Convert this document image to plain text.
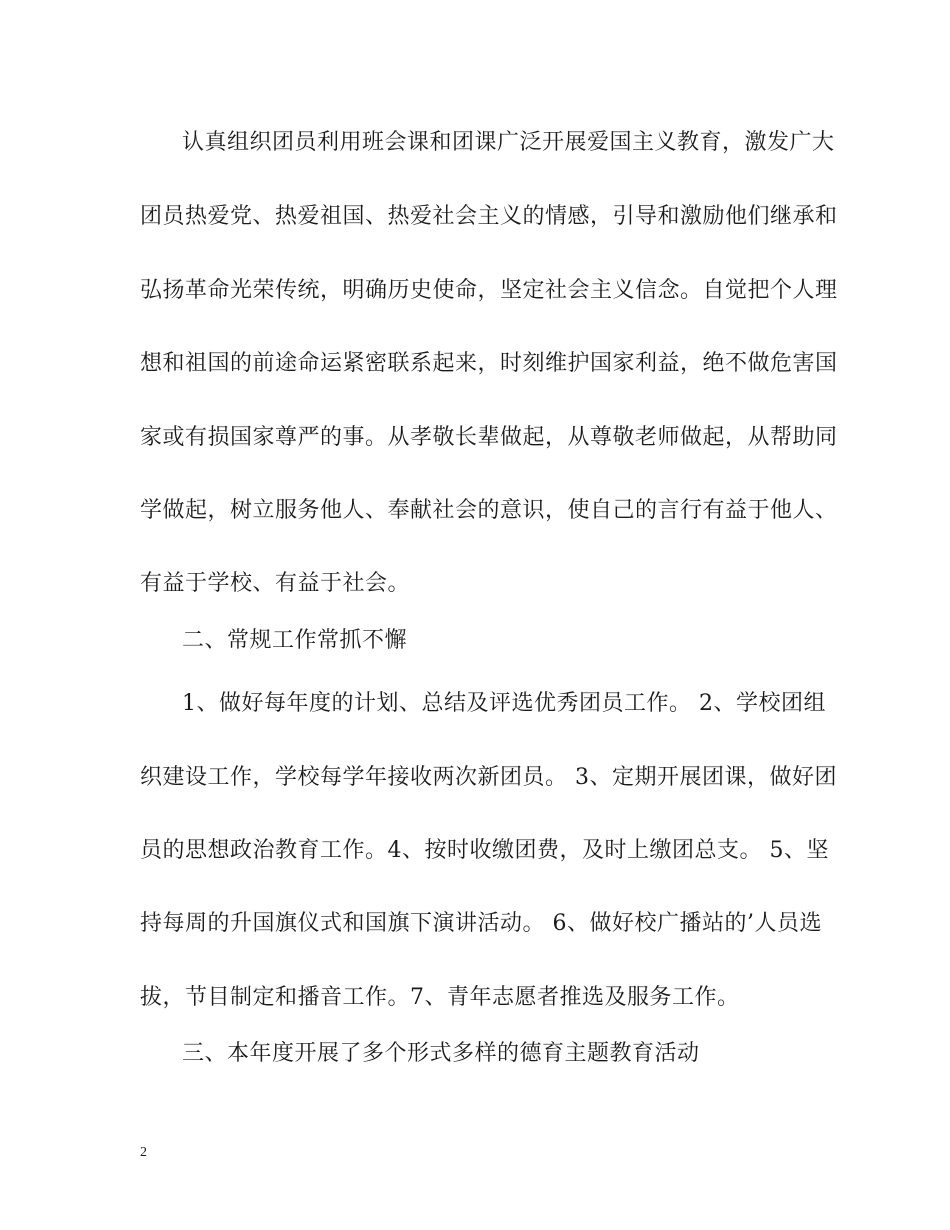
认真组织团员利用班会课和团课广泛开展爱国主义教育，激发广大
团员热爱党、热爱祖国、热爱社会主义的情感，引导和激励他们继承和
弘扬革命光荣传统，明确历史使命，坚定社会主义信念。自觉把个人理
想和祖国的前途命运紧密联系起来，时刻维护国家利益，绝不做危害国
家或有损国家尊严的事。从孝敬长辈做起，从尊敬老师做起，从帮助同
学做起，树立服务他人、奉献社会的意识，使自己的言行有益于他人、
有益于学校、有益于社会。
二、常规工作常抓不懈
1、做好每年度的计划、总结及评选优秀团员工作。 2、学校团组
织建设工作，学校每学年接收两次新团员。 3、定期开展团课，做好团
员的思想政治教育工作。4、按时收缴团费，及时上缴团总支。 5、坚
持每周的升国旗仪式和国旗下演讲活动。 6、做好校广播站的’人员选
拔，节目制定和播音工作。7、青年志愿者推选及服务工作。
三、本年度开展了多个形式多样的德育主题教育活动
2
